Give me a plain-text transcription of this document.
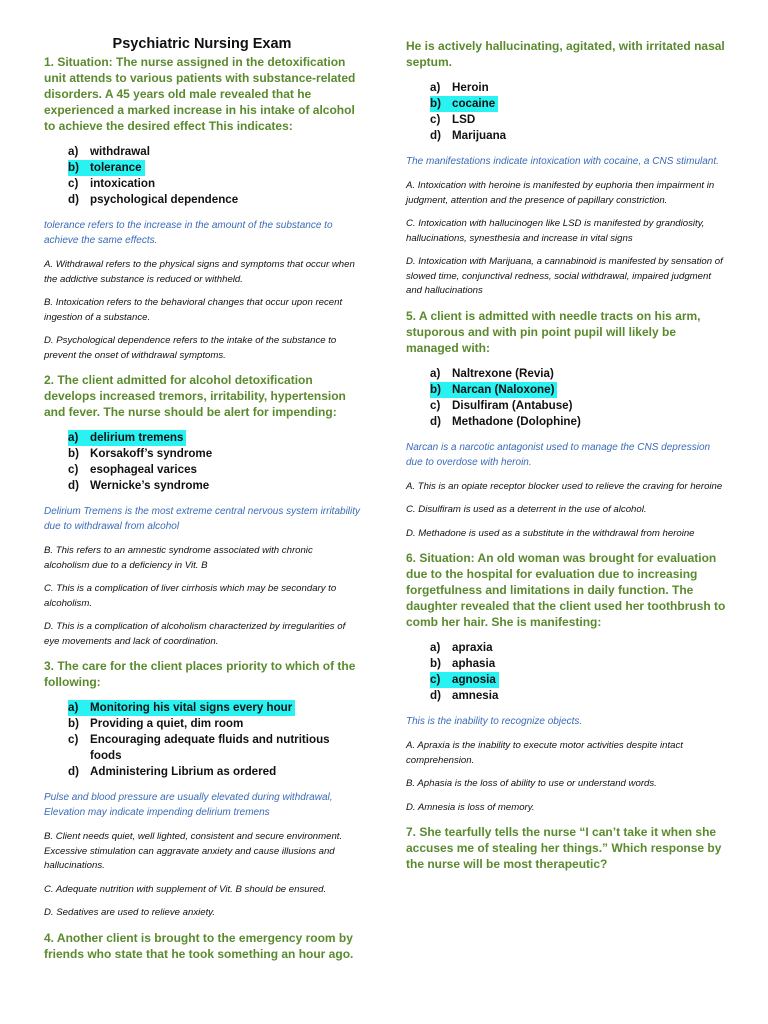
Psychiatric Nursing Exam
1. Situation: The nurse assigned in the detoxification unit attends to various patients with substance-related disorders. A 45 years old male revealed that he experienced a marked increase in his intake of alcohol to achieve the desired effect This indicates:
a)	withdrawal
b) tolerance
c)	intoxication
d) psychological dependence
tolerance refers to the increase in the amount of the substance to achieve the same effects.
A. Withdrawal refers to the physical signs and symptoms that occur when the addictive substance is reduced or withheld.
B. Intoxication refers to the behavioral changes that occur upon recent ingestion of a substance.
D. Psychological dependence refers to the intake of the substance to prevent the onset of withdrawal symptoms.
2. The client admitted for alcohol detoxification develops increased tremors, irritability, hypertension and fever. The nurse should be alert for impending:
a)	delirium tremens
b) Korsakoff’s syndrome
c)	esophageal varices
d) Wernicke’s syndrome
Delirium Tremens is the most extreme central nervous system irritability due to withdrawal from alcohol
B. This refers to an amnestic syndrome associated with chronic alcoholism due to a deficiency in Vit. B
C. This is a complication of liver cirrhosis which may be secondary to alcoholism.
D. This is a complication of alcoholism characterized by irregularities of eye movements and lack of coordination.
3. The care for the client places priority to which of the following:
a)	Monitoring his vital signs every hour
b) Providing a quiet, dim room
c)	Encouraging adequate fluids and nutritious foods
d) Administering Librium as ordered
Pulse and blood pressure are usually elevated during withdrawal, Elevation may indicate impending delirium tremens
B. Client needs quiet, well lighted, consistent and secure environment. Excessive stimulation can aggravate anxiety and cause illusions and hallucinations.
C. Adequate nutrition with supplement of Vit. B should be ensured.
D. Sedatives are used to relieve anxiety.
4. Another client is brought to the emergency room by friends who state that he took something an hour ago.
He is actively hallucinating, agitated, with irritated nasal septum.
a)	Heroin
b) cocaine
c)	LSD
d) Marijuana
The manifestations indicate intoxication with cocaine, a CNS stimulant.
A. Intoxication with heroine is manifested by euphoria then impairment in judgment, attention and the presence of papillary constriction.
C. Intoxication with hallucinogen like LSD is manifested by grandiosity, hallucinations, synesthesia and increase in vital signs
D. Intoxication with Marijuana, a cannabinoid is manifested by sensation of slowed time, conjunctival redness, social withdrawal, impaired judgment and hallucinations
5. A client is admitted with needle tracts on his arm, stuporous and with pin point pupil will likely be managed with:
a)	Naltrexone (Revia)
b) Narcan (Naloxone)
c)	Disulfiram (Antabuse)
d) Methadone (Dolophine)
Narcan is a narcotic antagonist used to manage the CNS depression due to overdose with heroin.
A. This is an opiate receptor blocker used to relieve the craving for heroine
C. Disulfiram is used as a deterrent in the use of alcohol.
D. Methadone is used as a substitute in the withdrawal from heroine
6. Situation: An old woman was brought for evaluation due to the hospital for evaluation due to increasing forgetfulness and limitations in daily function. The daughter revealed that the client used her toothbrush to comb her hair. She is manifesting:
a)	apraxia
b) aphasia
c)	agnosia
d) amnesia
This is the inability to recognize objects.
A. Apraxia is the inability to execute motor activities despite intact comprehension.
B. Aphasia is the loss of ability to use or understand words.
D. Amnesia is loss of memory.
7. She tearfully tells the nurse “I can’t take it when she accuses me of stealing her things.” Which response by the nurse will be most therapeutic?
